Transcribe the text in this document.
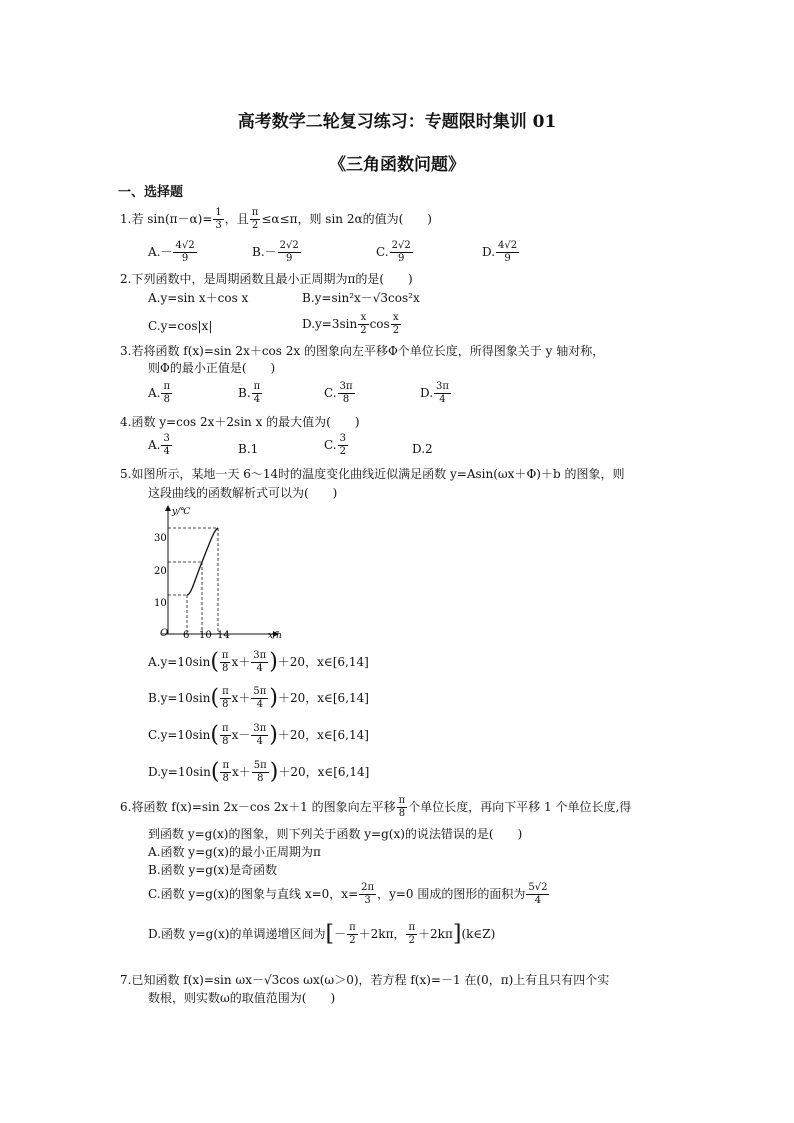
高考数学二轮复习练习：专题限时集训 01
《三角函数问题》
一、选择题
1.若 $\sin(\pi-\alpha)= \frac{1}{3}$ ，且 $\frac{\pi}{2} \le\alpha\le\pi$，则 sin 2α的值为(　　)
$A.- \frac{4√2}{9}$	$B.- \frac{2√2}{9}$	C. $\frac{2√2}{9}$	D. $\frac{4√2}{9}$
2.下列函数中，是周期函数且最小正周期为π的是(　　)
A.y=sin x＋cos x	B.y=sin²x－√3cos²x
C.y=cos|x|	$D.y=3\sin \frac{x}{2}$ $\cos \frac{x}{2}$
3.若将函数 f(x)=sin 2x＋cos 2x 的图象向左平移Φ个单位长度，所得图象关于 y 轴对称，
则Φ的最小正值是(　　)
A. $\frac{\pi}{8}$	B. $\frac{\pi}{4}$	C. $\frac{3\pi}{8}$	D. $\frac{3\pi}{4}$
4.函数 y=cos 2x＋2sin x 的最大值为(　　)
A. $\frac{3}{4}$	B.1	C. $\frac{3}{2}$	D.2
5.如图所示，某地一天 6～14时的温度变化曲线近似满足函数 y=Asin(ωx＋Φ)＋b 的图象，则
这段曲线的函数解析式可以为(　　)
y/℃
x/h
O
10
20
30
6 10 14
$A.y=10\sin( \frac{\pi}{8} x+ \frac{3\pi}{4} )+20$，x∈[6,14]
$B.y=10\sin( \frac{\pi}{8} x+ \frac{5\pi}{4} )+20$，x∈[6,14]
$C.y=10\sin( \frac{\pi}{8} x- \frac{3\pi}{4} )+20$，x∈[6,14]
$D.y=10\sin( \frac{\pi}{8} x+ \frac{5\pi}{8} )+20$，x∈[6,14]
6.将函数 f(x)=sin 2x－cos 2x＋1 的图象向左平移 $\frac{\pi}{8}$ 个单位长度，再向下平移 1 个单位长度,得
到函数 y=g(x)的图象，则下列关于函数 y=g(x)的说法错误的是(　　)
A.函数 y=g(x)的最小正周期为π
B.函数 y=g(x)是奇函数
C.函数 y=g(x)的图象与直线 x=0，$x= \frac{2\pi}{3}$ ，y=0 围成的图形的面积为 $\frac{5√2}{4}$
D.函数 y=g(x)的单调递增区间为[－ $\frac{\pi}{2} +2k\pi$， $\frac{\pi}{2}$ ＋2kπ](k∈Z)
7.已知函数 f(x)=sin ωx－√3cos ωx(ω＞0)，若方程 f(x)=－1 在(0，π)上有且只有四个实
数根，则实数ω的取值范围为(　　)
